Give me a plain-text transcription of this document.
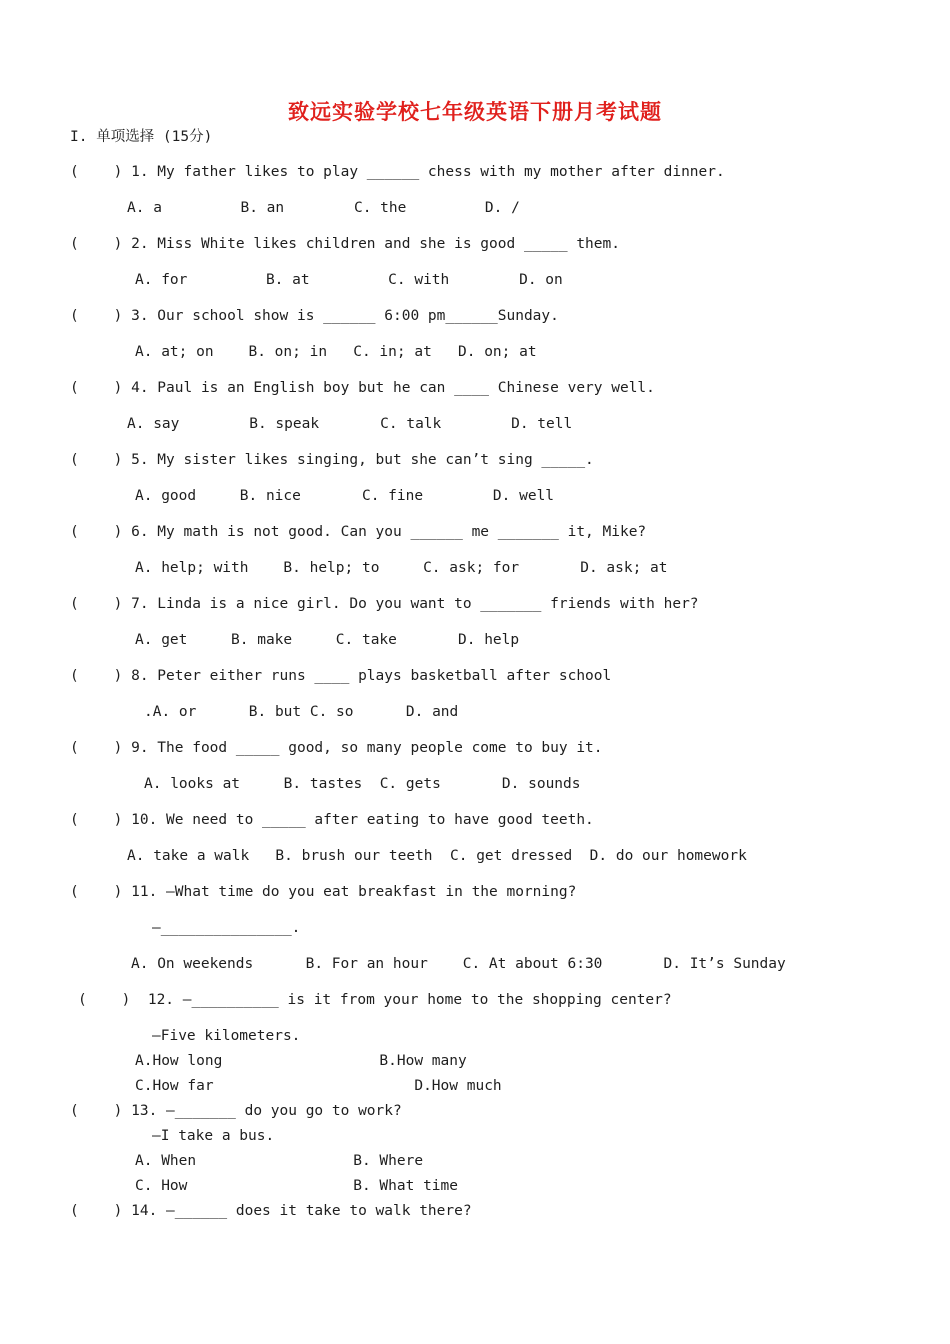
致远实验学校七年级英语下册月考试题
I. 单项选择 (15分)
(    ) 1. My father likes to play ______ chess with my mother after dinner.
A. a         B. an        C. the         D. /
(    ) 2. Miss White likes children and she is good _____ them.
A. for         B. at         C. with        D. on
(    ) 3. Our school show is ______ 6:00 pm______Sunday.
A. at; on    B. on; in   C. in; at   D. on; at
(    ) 4. Paul is an English boy but he can ____ Chinese very well.
A. say        B. speak       C. talk        D. tell
(    ) 5. My sister likes singing, but she can’t sing _____.
A. good     B. nice       C. fine        D. well
(    ) 6. My math is not good. Can you ______ me _______ it, Mike?
A. help; with    B. help; to     C. ask; for       D. ask; at
(    ) 7. Linda is a nice girl. Do you want to _______ friends with her?
A. get     B. make     C. take       D. help
(    ) 8. Peter either runs ____ plays basketball after school
.A. or      B. but C. so      D. and
(    ) 9. The food _____ good, so many people come to buy it.
A. looks at     B. tastes  C. gets       D. sounds
(    ) 10. We need to _____ after eating to have good teeth.
A. take a walk   B. brush our teeth  C. get dressed  D. do our homework
(    ) 11. —What time do you eat breakfast in the morning?
—_______________.
A. On weekends      B. For an hour    C. At about 6:30       D. It’s Sunday
(    )  12. —__________ is it from your home to the shopping center?
—Five kilometers.
A.How long                  B.How many
C.How far                       D.How much
(    ) 13. —_______ do you go to work?
—I take a bus.
A. When                  B. Where
C. How                   B. What time
(    ) 14. —______ does it take to walk there?
